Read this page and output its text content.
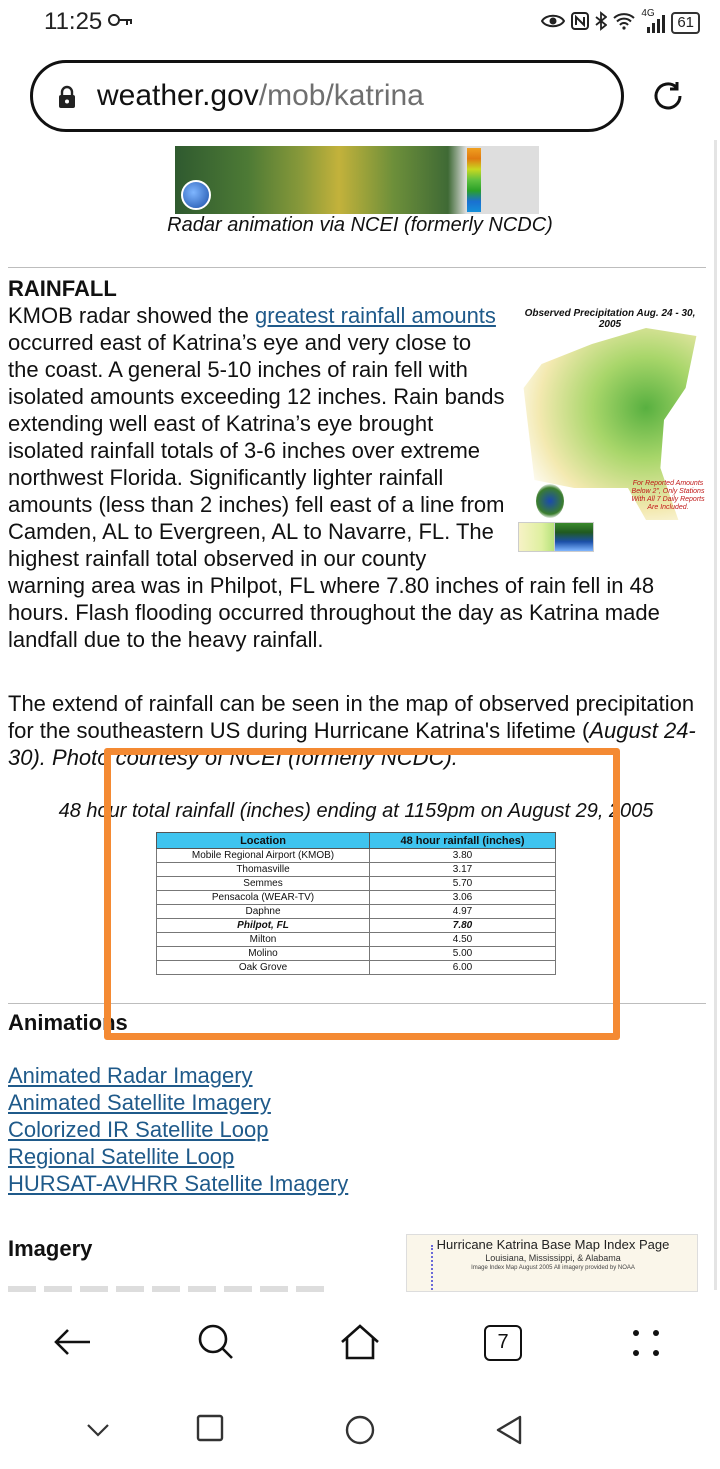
11:25	4G
61
weather.gov/mob/katrina
Radar animation via NCEI (formerly NCDC)
RAINFALL
Observed Precipitation Aug. 24 - 30, 2005
For Reported Amounts Below 2", Only Stations With All 7 Daily Reports Are Included.
KMOB radar showed the greatest rainfall amounts occurred east of Katrina’s eye and very close to the coast. A general 5-10 inches of rain fell with isolated amounts exceeding 12 inches. Rain bands extending well east of Katrina’s eye brought isolated rainfall totals of 3-6 inches over extreme northwest Florida. Significantly lighter rainfall amounts (less than 2 inches) fell east of a line from Camden, AL to Evergreen, AL to Navarre, FL. The highest rainfall total observed in our county warning area was in Philpot, FL where 7.80 inches of rain fell in 48 hours. Flash flooding occurred throughout the day as Katrina made landfall due to the heavy rainfall.
The extend of rainfall can be seen in the map of observed precipitation for the southeastern US during Hurricane Katrina's lifetime (August 24-30). Photo courtesy of NCEI (formerly NCDC).
48 hour total rainfall (inches) ending at 1159pm on August 29, 2005
Location	48 hour rainfall (inches)
Mobile Regional Airport (KMOB)	3.80
Thomasville	3.17
Semmes	5.70
Pensacola (WEAR-TV)	3.06
Daphne	4.97
Philpot, FL	7.80
Milton	4.50
Molino	5.00
Oak Grove	6.00
Animations
Animated Radar Imagery
Animated Satellite Imagery
Colorized IR Satellite Loop
Regional Satellite Loop
HURSAT-AVHRR Satellite Imagery
Imagery	Hurricane Katrina Base Map Index Page
Louisiana, Mississippi, & Alabama
Image Index Map August 2005 All imagery provided by NOAA
7
